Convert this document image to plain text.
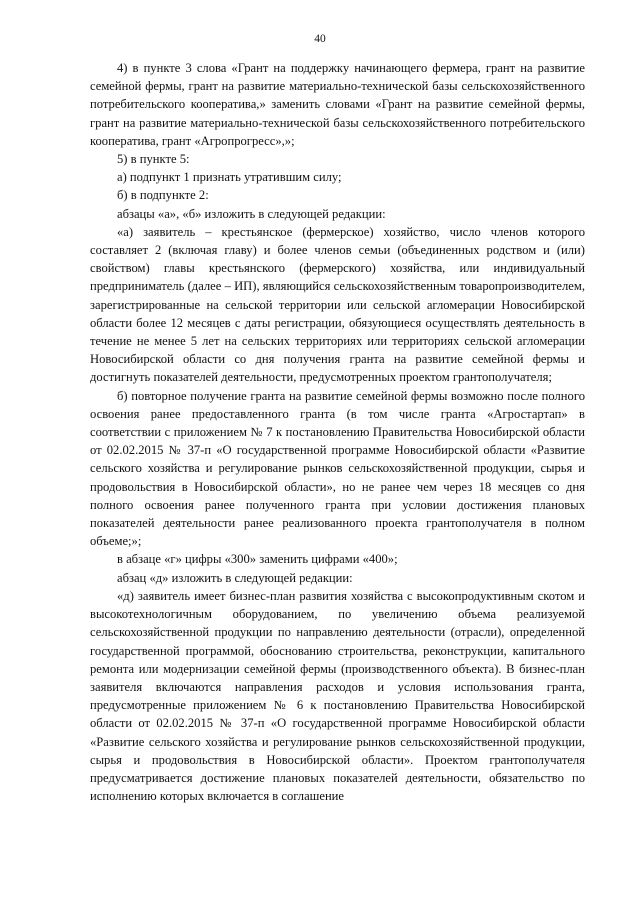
40

4) в пункте 3 слова «Грант на поддержку начинающего фермера, грант на развитие семейной фермы, грант на развитие материально-технической базы сельскохозяйственного потребительского кооператива,» заменить словами «Грант на развитие семейной фермы, грант на развитие материально-технической базы сельскохозяйственного потребительского кооператива, грант «Агропрогресс»,»;

5) в пункте 5:

а) подпункт 1 признать утратившим силу;

б) в подпункте 2:

абзацы «а», «б» изложить в следующей редакции:

«а) заявитель – крестьянское (фермерское) хозяйство, число членов которого составляет 2 (включая главу) и более членов семьи (объединенных родством и (или) свойством) главы крестьянского (фермерского) хозяйства, или индивидуальный предприниматель (далее – ИП), являющийся сельскохозяйственным товаропроизводителем, зарегистрированные на сельской территории или сельской агломерации Новосибирской области более 12 месяцев с даты регистрации, обязующиеся осуществлять деятельность в течение не менее 5 лет на сельских территориях или территориях сельской агломерации Новосибирской области со дня получения гранта на развитие семейной фермы и достигнуть показателей деятельности, предусмотренных проектом грантополучателя;

б) повторное получение гранта на развитие семейной фермы возможно после полного освоения ранее предоставленного гранта (в том числе гранта «Агростартап» в соответствии с приложением № 7 к постановлению Правительства Новосибирской области от 02.02.2015 № 37-п «О государственной программе Новосибирской области «Развитие сельского хозяйства и регулирование рынков сельскохозяйственной продукции, сырья и продовольствия в Новосибирской области», но не ранее чем через 18 месяцев со дня полного освоения ранее полученного гранта при условии достижения плановых показателей деятельности ранее реализованного проекта грантополучателя в полном объеме;»;

в абзаце «г» цифры «300» заменить цифрами «400»;

абзац «д» изложить в следующей редакции:

«д) заявитель имеет бизнес-план развития хозяйства с высокопродуктивным скотом и высокотехнологичным оборудованием, по увеличению объема реализуемой сельскохозяйственной продукции по направлению деятельности (отрасли), определенной государственной программой, обоснованию строительства, реконструкции, капитального ремонта или модернизации семейной фермы (производственного объекта). В бизнес-план заявителя включаются направления расходов и условия использования гранта, предусмотренные приложением № 6 к постановлению Правительства Новосибирской области от 02.02.2015 № 37-п «О государственной программе Новосибирской области «Развитие сельского хозяйства и регулирование рынков сельскохозяйственной продукции, сырья и продовольствия в Новосибирской области». Проектом грантополучателя предусматривается достижение плановых показателей деятельности, обязательство по исполнению которых включается в соглашение
